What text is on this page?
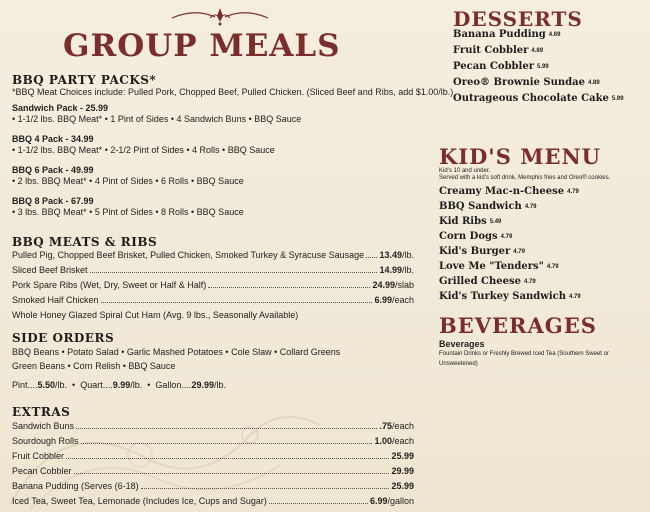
GROUP MEALS
BBQ PARTY PACKS*
*BBQ Meat Choices include: Pulled Pork, Chopped Beef, Pulled Chicken. (Sliced Beef and Ribs, add $1.00/lb.)
Sandwich Pack - 25.99
• 1-1/2 lbs. BBQ Meat* • 1 Pint of Sides • 4 Sandwich Buns • BBQ Sauce
BBQ 4 Pack - 34.99
• 1-1/2 lbs. BBQ Meat* • 2-1/2 Pint of Sides • 4 Rolls • BBQ Sauce
BBQ 6 Pack - 49.99
• 2 lbs. BBQ Meat* • 4 Pint of Sides • 6 Rolls • BBQ Sauce
BBQ 8 Pack - 67.99
• 3 lbs. BBQ Meat* • 5 Pint of Sides • 8 Rolls • BBQ Sauce
BBQ MEATS & RIBS
Pulled Pig, Chopped Beef Brisket, Pulled Chicken, Smoked Turkey & Syracuse Sausage 13.49 /lb.
Sliced Beef Brisket	14.99 /lb.
Pork Spare Ribs (Wet, Dry, Sweet or Half & Half)	24.99 /slab
Smoked Half Chicken	6.99 /each
Whole Honey Glazed Spiral Cut Ham (Avg. 9 lbs., Seasonally Available)
SIDE ORDERS
BBQ Beans • Potato Salad • Garlic Mashed Potatoes • Cole Slaw • Collard Greens
Green Beans • Corn Relish • BBQ Sauce
Pint....5.50/lb.  •  Quart....9.99/lb.  •  Gallon....29.99/lb.
EXTRAS
Sandwich Buns	.75 /each
Sourdough Rolls	1.00 /each
Fruit Cobbler	25.99
Pecan Cobbler	29.99
Banana Pudding (Serves (6-18)	25.99
Iced Tea, Sweet Tea, Lemonade (Includes Ice, Cups and Sugar)	6.99 /gallon
DESSERTS
Banana Pudding 4.69
Fruit Cobbler 4.89
Pecan Cobbler 5.99
Oreo® Brownie Sundae 4.89
Outrageous Chocolate Cake 5.99
KID'S MENU
Kid's 10 and under.
Served with a kid's soft drink, Memphis fries and Oreo® cookies.
Creamy Mac-n-Cheese 4.79
BBQ Sandwich 4.79
Kid Ribs 5.49
Corn Dogs 4.79
Kid's Burger 4.79
Love Me "Tenders" 4.79
Grilled Cheese 4.79
Kid's Turkey Sandwich 4.79
BEVERAGES
Beverages
Fountain Drinks or Freshly Brewed Iced Tea (Southern Sweet or
Unsweetened)
